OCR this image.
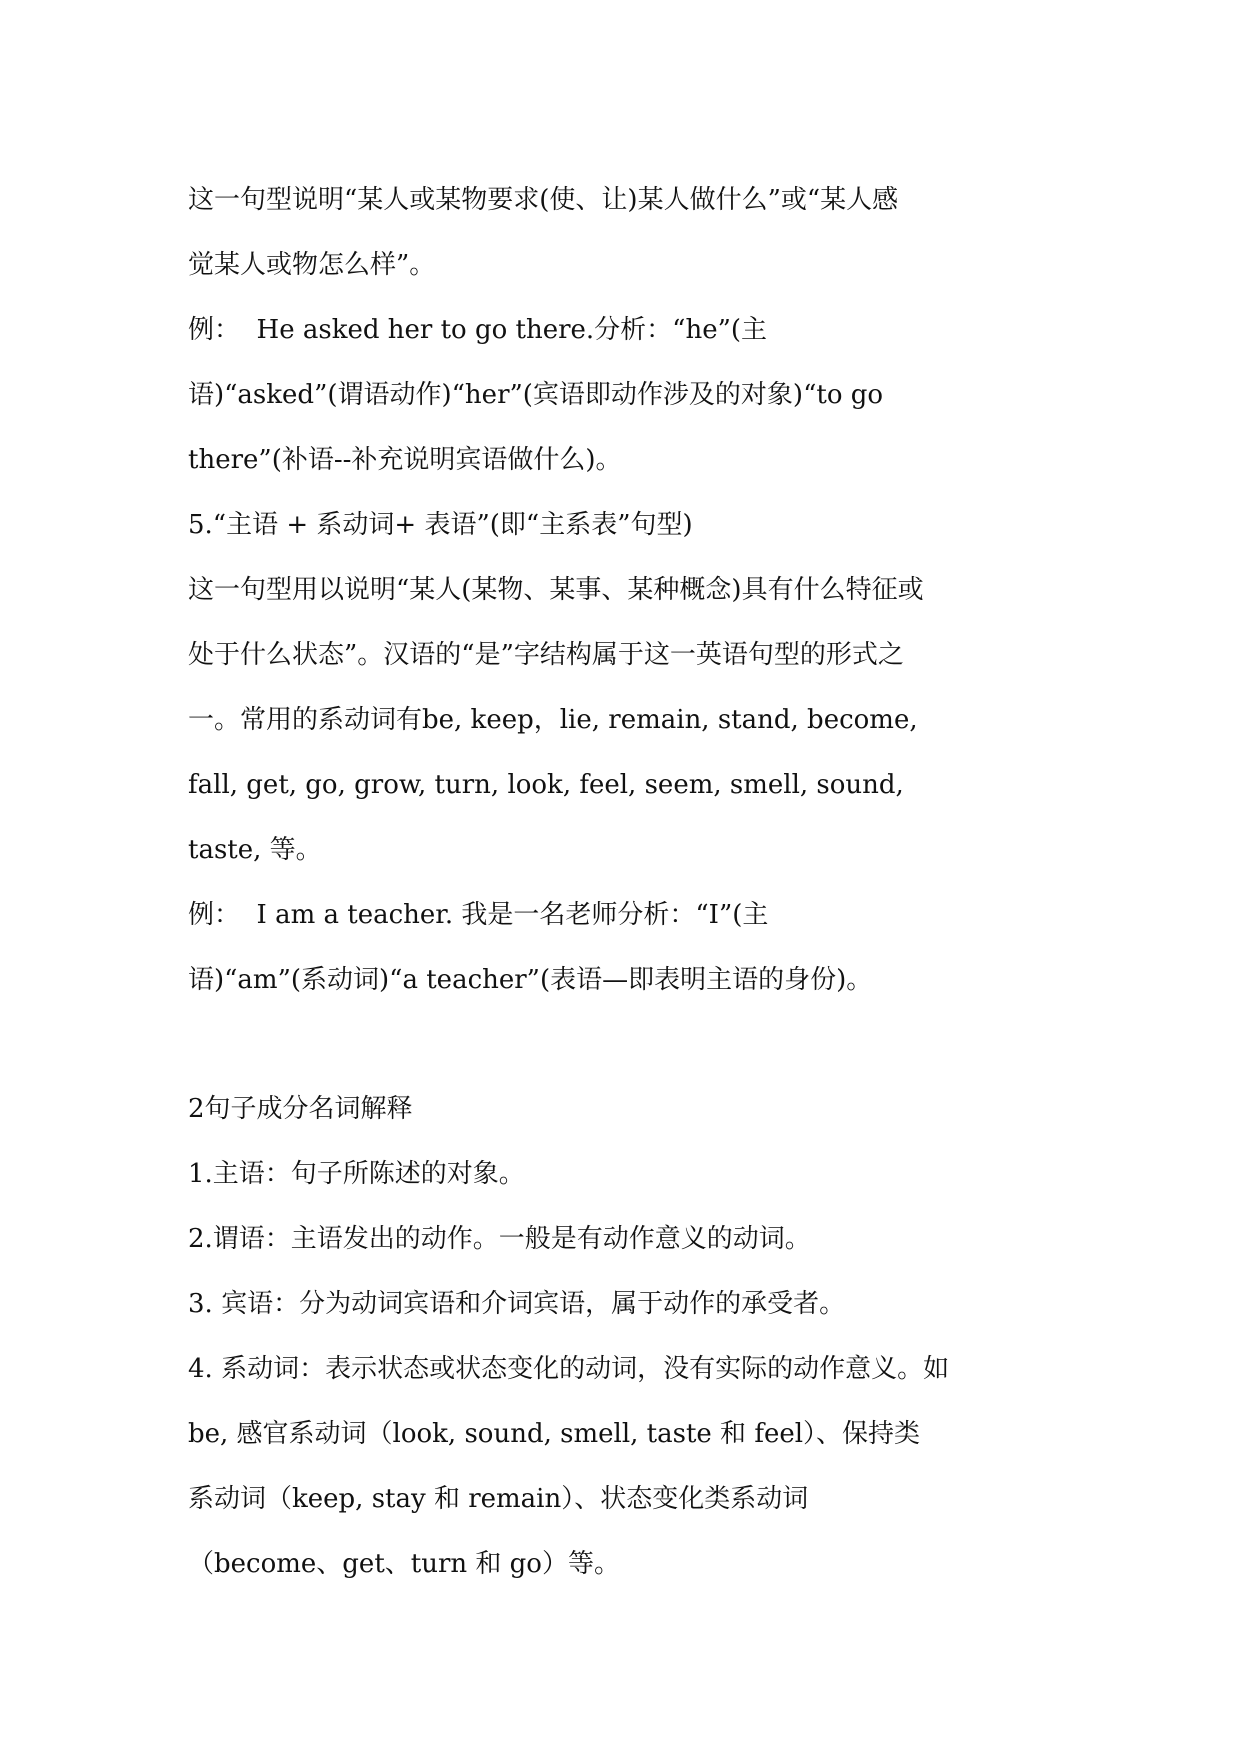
这一句型说明“某人或某物要求(使、让)某人做什么”或“某人感
觉某人或物怎么样”。
例：  He asked her to go there.分析：“he”(主
语)“asked”(谓语动作)“her”(宾语即动作涉及的对象)“to go
there”(补语--补充说明宾语做什么)。
5.“主语 + 系动词+ 表语”(即“主系表”句型)
这一句型用以说明“某人(某物、某事、某种概念)具有什么特征或
处于什么状态”。汉语的“是”字结构属于这一英语句型的形式之
一。常用的系动词有be, keep，lie, remain, stand, become,
fall, get, go, grow, turn, look, feel, seem, smell, sound,
taste, 等。
例：  I am a teacher. 我是一名老师分析：“I”(主
语)“am”(系动词)“a teacher”(表语—即表明主语的身份)。
2句子成分名词解释
1.主语：句子所陈述的对象。
2.谓语：主语发出的动作。一般是有动作意义的动词。
3. 宾语：分为动词宾语和介词宾语，属于动作的承受者。
4. 系动词：表示状态或状态变化的动词，没有实际的动作意义。如
be, 感官系动词（look, sound, smell, taste 和 feel）、保持类
系动词（keep, stay 和 remain）、状态变化类系动词
（become、get、turn 和 go）等。
